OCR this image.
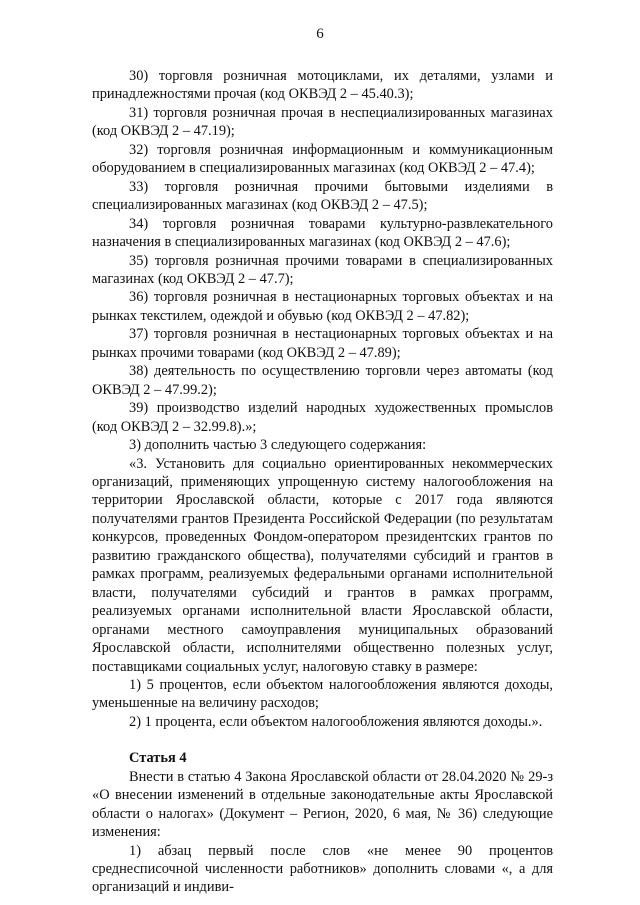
6

30) торговля розничная мотоциклами, их деталями, узлами и принадлежностями прочая (код ОКВЭД 2 – 45.40.3);

31) торговля розничная прочая в неспециализированных магазинах (код ОКВЭД 2 – 47.19);

32) торговля розничная информационным и коммуникационным оборудованием в специализированных магазинах (код ОКВЭД 2 – 47.4);

33) торговля розничная прочими бытовыми изделиями в специализированных магазинах (код ОКВЭД 2 – 47.5);

34) торговля розничная товарами культурно-развлекательного назначения в специализированных магазинах (код ОКВЭД 2 – 47.6);

35) торговля розничная прочими товарами в специализированных магазинах (код ОКВЭД 2 – 47.7);

36) торговля розничная в нестационарных торговых объектах и на рынках текстилем, одеждой и обувью (код ОКВЭД 2 – 47.82);

37) торговля розничная в нестационарных торговых объектах и на рынках прочими товарами (код ОКВЭД 2 – 47.89);

38) деятельность по осуществлению торговли через автоматы (код ОКВЭД 2 – 47.99.2);

39) производство изделий народных художественных промыслов (код ОКВЭД 2 – 32.99.8).»;

3) дополнить частью 3 следующего содержания:

«3. Установить для социально ориентированных некоммерческих организаций, применяющих упрощенную систему налогообложения на территории Ярославской области, которые с 2017 года являются получателями грантов Президента Российской Федерации (по результатам конкурсов, проведенных Фондом-оператором президентских грантов по развитию гражданского общества), получателями субсидий и грантов в рамках программ, реализуемых федеральными органами исполнительной власти, получателями субсидий и грантов в рамках программ, реализуемых органами исполнительной власти Ярославской области, органами местного самоуправления муниципальных образований Ярославской области, исполнителями общественно полезных услуг, поставщиками социальных услуг, налоговую ставку в размере:

1) 5 процентов, если объектом налогообложения являются доходы, уменьшенные на величину расходов;

2) 1 процента, если объектом налогообложения являются доходы.».

Статья 4

Внести в статью 4 Закона Ярославской области от 28.04.2020 № 29-з «О внесении изменений в отдельные законодательные акты Ярославской области о налогах» (Документ – Регион, 2020, 6 мая, № 36) следующие изменения:

1) абзац первый после слов «не менее 90 процентов среднесписочной численности работников» дополнить словами «, а для организаций и индиви-
